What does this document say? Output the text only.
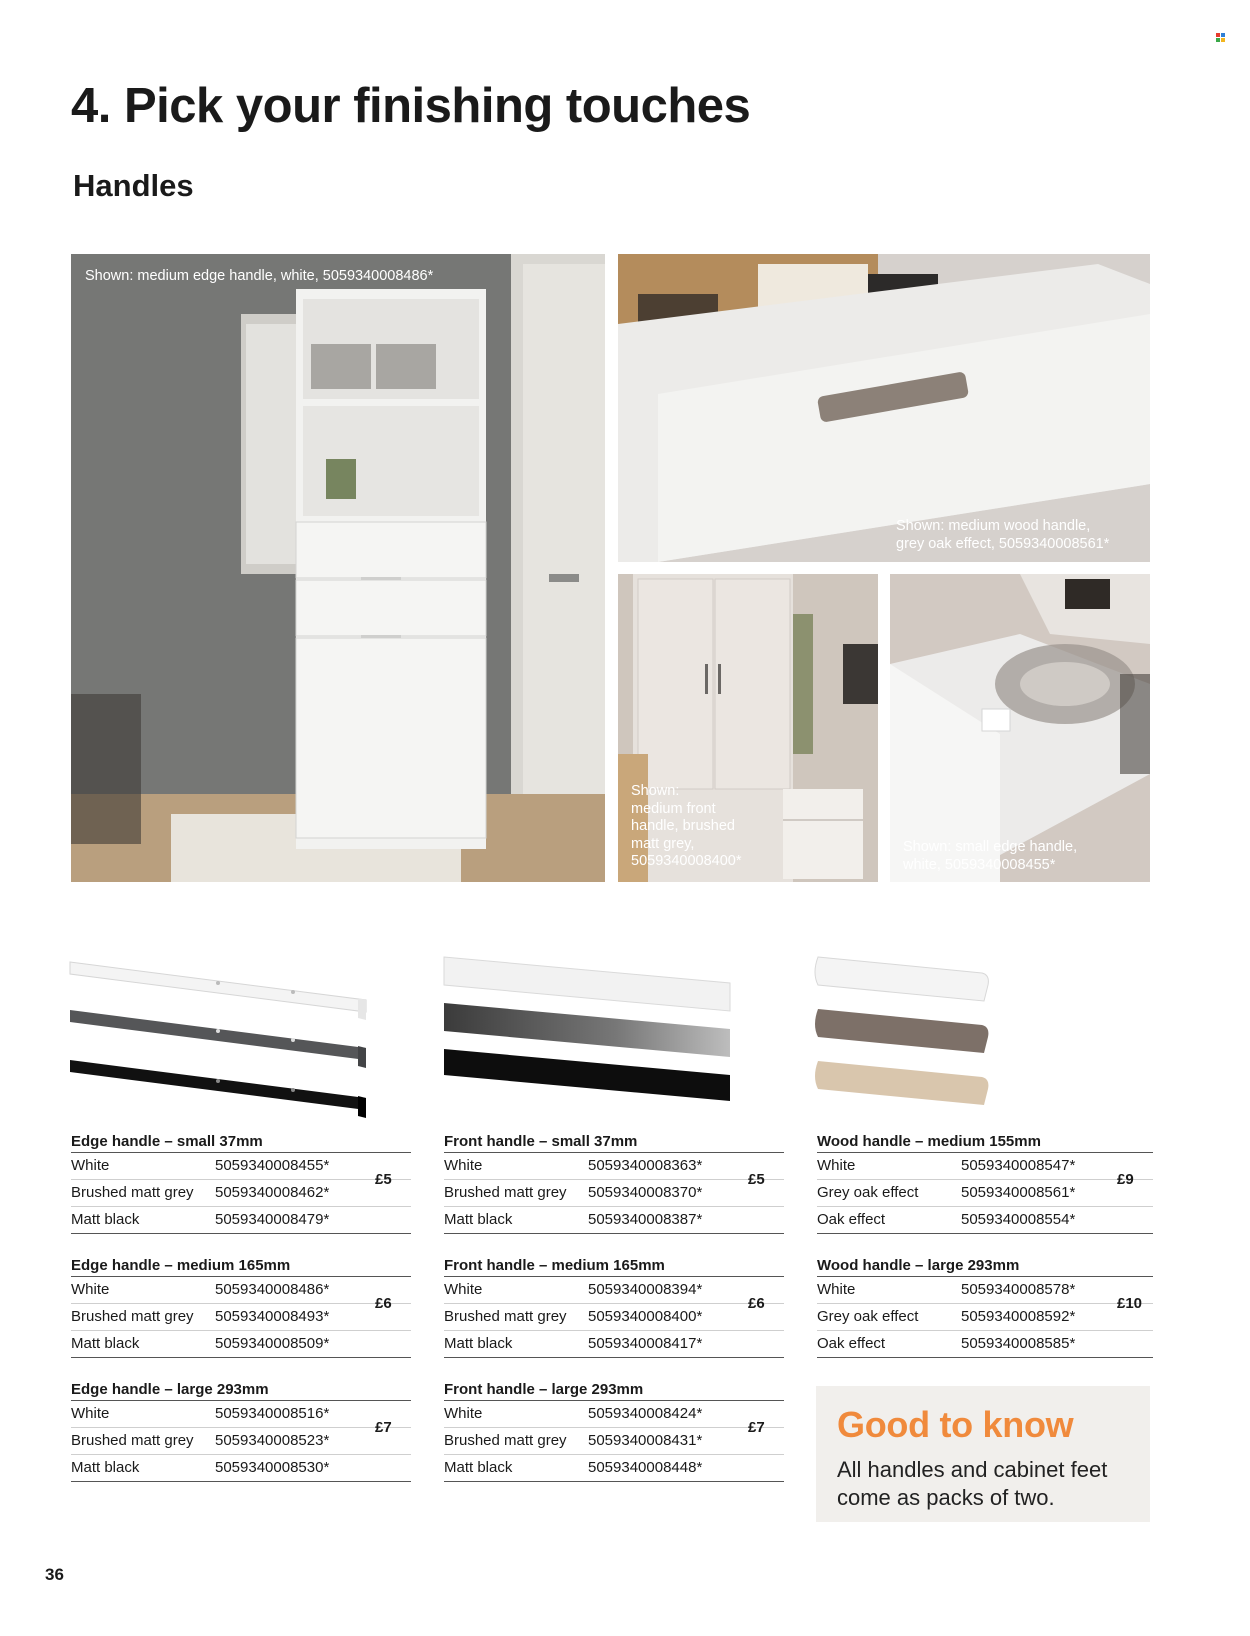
4. Pick your finishing touches
Handles
Shown: medium edge handle, white, 5059340008486*
Shown: medium wood handle,
grey oak effect, 5059340008561*
Shown:
medium front
handle, brushed
matt grey,
5059340008400*
Shown: small edge handle,
white, 5059340008455*
Edge handle – small 37mm
White	5059340008455*
Brushed matt grey	5059340008462*
Matt black	5059340008479*
£5
Edge handle – medium 165mm
White	5059340008486*
Brushed matt grey	5059340008493*
Matt black	5059340008509*
£6
Edge handle – large 293mm
White	5059340008516*
Brushed matt grey	5059340008523*
Matt black	5059340008530*
£7
Front handle – small 37mm
White	5059340008363*
Brushed matt grey	5059340008370*
Matt black	5059340008387*
£5
Front handle – medium 165mm
White	5059340008394*
Brushed matt grey	5059340008400*
Matt black	5059340008417*
£6
Front handle – large 293mm
White	5059340008424*
Brushed matt grey	5059340008431*
Matt black	5059340008448*
£7
Wood handle – medium 155mm
White	5059340008547*
Grey oak effect	5059340008561*
Oak effect	5059340008554*
£9
Wood handle – large 293mm
White	5059340008578*
Grey oak effect	5059340008592*
Oak effect	5059340008585*
£10
Good to know
All handles and cabinet feet
come as packs of two.
36
